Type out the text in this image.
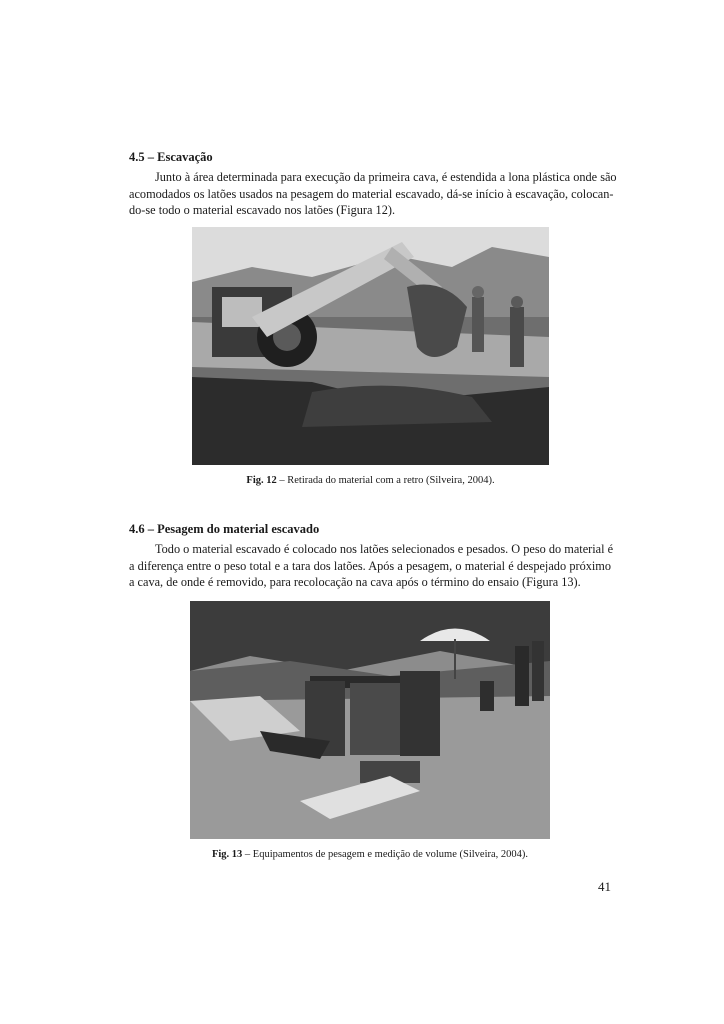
4.5 – Escavação
Junto à área determinada para execução da primeira cava, é estendida a lona plástica onde são
acomodados os latões usados na pesagem do material escavado, dá-se início à escavação, colocan-
do-se todo o material escavado nos latões (Figura 12).
Fig. 12 – Retirada do material com a retro (Silveira, 2004).
4.6 – Pesagem do material escavado
Todo o material escavado é colocado nos latões selecionados e pesados. O peso do material é
a diferença entre o peso total e a tara dos latões. Após a pesagem, o material é despejado próximo
a cava, de onde é removido, para recolocação na cava após o término do ensaio (Figura 13).
Fig. 13 – Equipamentos de pesagem e medição de volume (Silveira, 2004).
41
